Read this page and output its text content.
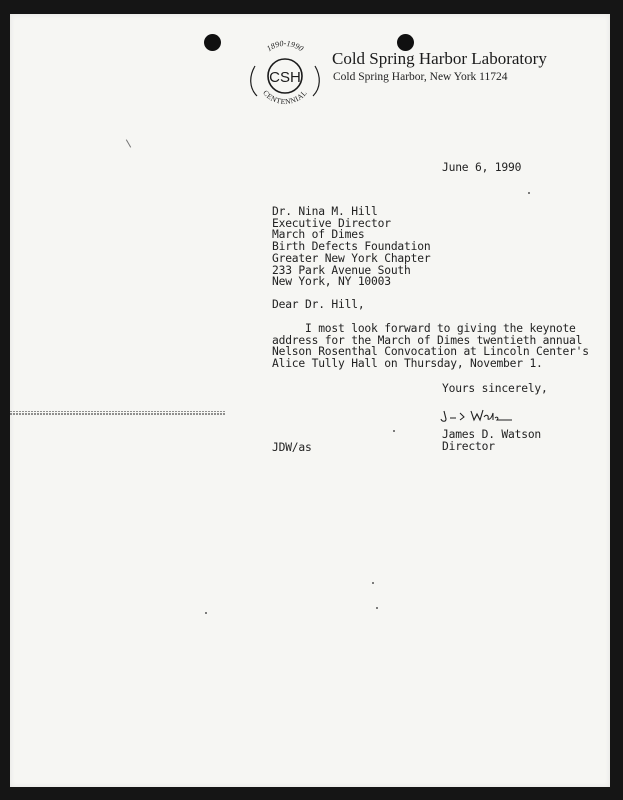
1890-1990
CSH
CENTENNIAL
Cold Spring Harbor Laboratory
Cold Spring Harbor, New York 11724
June 6, 1990
Dr. Nina M. Hill
Executive Director
March of Dimes
Birth Defects Foundation
Greater New York Chapter
233 Park Avenue South
New York, NY 10003
Dear Dr. Hill,
I most look forward to giving the keynote
address for the March of Dimes twentieth annual
Nelson Rosenthal Convocation at Lincoln Center's
Alice Tully Hall on Thursday, November 1.
Yours sincerely,
James D. Watson
Director
JDW/as
